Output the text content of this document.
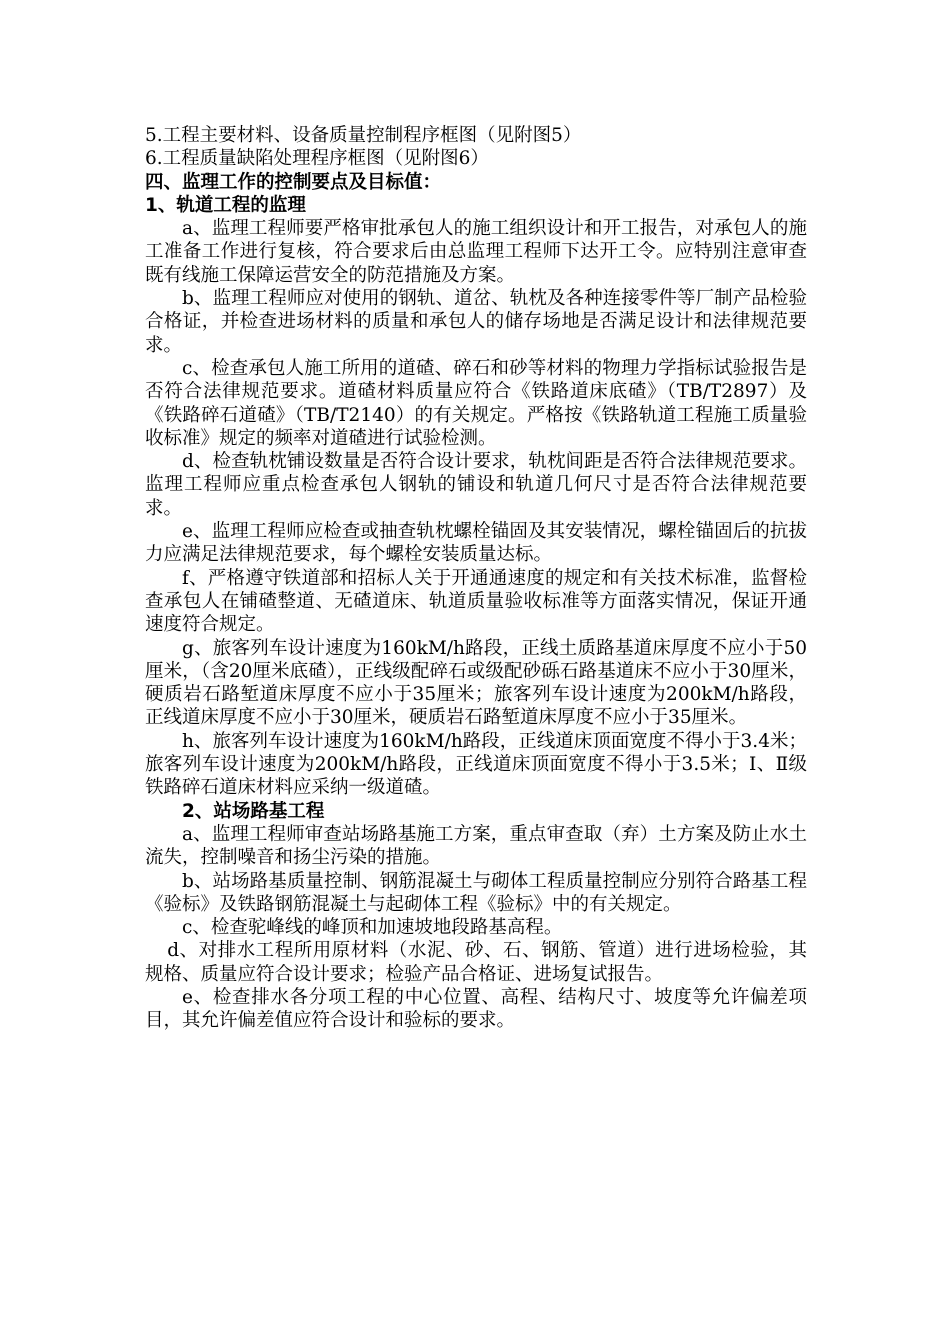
5.工程主要材料、设备质量控制程序框图（见附图5）

6.工程质量缺陷处理程序框图（见附图6）

四、监理工作的控制要点及目标值：

1、轨道工程的监理

a、监理工程师要严格审批承包人的施工组织设计和开工报告，对承包人的施工准备工作进行复核，符合要求后由总监理工程师下达开工令。应特别注意审查既有线施工保障运营安全的防范措施及方案。

b、监理工程师应对使用的钢轨、道岔、轨枕及各种连接零件等厂制产品检验合格证，并检查进场材料的质量和承包人的储存场地是否满足设计和法律规范要求。

c、检查承包人施工所用的道碴、碎石和砂等材料的物理力学指标试验报告是否符合法律规范要求。道碴材料质量应符合《铁路道床底碴》（TB/T2897）及《铁路碎石道碴》（TB/T2140）的有关规定。严格按《铁路轨道工程施工质量验收标准》规定的频率对道碴进行试验检测。

d、检查轨枕铺设数量是否符合设计要求，轨枕间距是否符合法律规范要求。监理工程师应重点检查承包人钢轨的铺设和轨道几何尺寸是否符合法律规范要求。

e、监理工程师应检查或抽查轨枕螺栓锚固及其安装情况，螺栓锚固后的抗拔力应满足法律规范要求，每个螺栓安装质量达标。

f、严格遵守铁道部和招标人关于开通通速度的规定和有关技术标准，监督检查承包人在铺碴整道、无碴道床、轨道质量验收标准等方面落实情况，保证开通速度符合规定。

g、旅客列车设计速度为160kM/h路段，正线土质路基道床厚度不应小于50厘米，（含20厘米底碴），正线级配碎石或级配砂砾石路基道床不应小于30厘米，硬质岩石路堑道床厚度不应小于35厘米；旅客列车设计速度为200kM/h路段，正线道床厚度不应小于30厘米，硬质岩石路堑道床厚度不应小于35厘米。

h、旅客列车设计速度为160kM/h路段，正线道床顶面宽度不得小于3.4米；旅客列车设计速度为200kM/h路段，正线道床顶面宽度不得小于3.5米；Ⅰ、Ⅱ级铁路碎石道床材料应采纳一级道碴。

2、站场路基工程

a、监理工程师审查站场路基施工方案，重点审查取（弃）土方案及防止水土流失，控制噪音和扬尘污染的措施。

b、站场路基质量控制、钢筋混凝土与砌体工程质量控制应分别符合路基工程《验标》及铁路钢筋混凝土与起砌体工程《验标》中的有关规定。

c、检查驼峰线的峰顶和加速坡地段路基高程。

d、对排水工程所用原材料（水泥、砂、石、钢筋、管道）进行进场检验，其规格、质量应符合设计要求；检验产品合格证、进场复试报告。

e、检查排水各分项工程的中心位置、高程、结构尺寸、坡度等允许偏差项目，其允许偏差值应符合设计和验标的要求。
